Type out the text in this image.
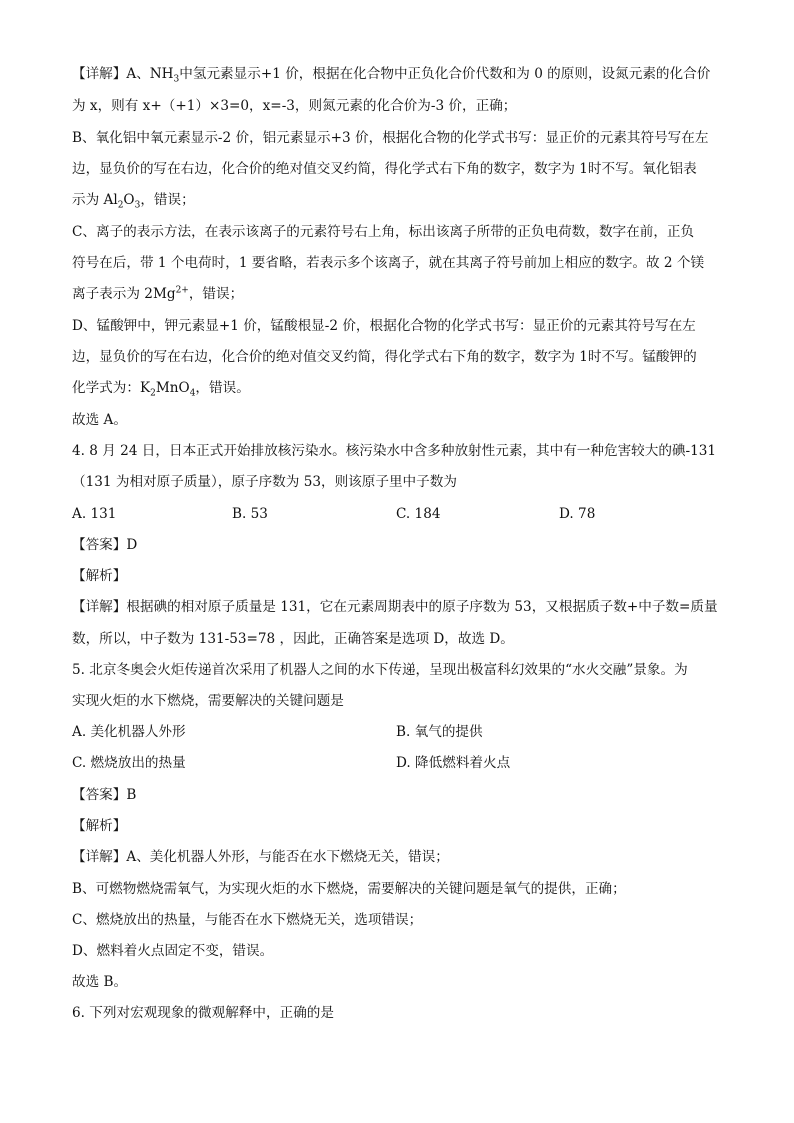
【详解】A、$NH_3$中氢元素显示+1 价，根据在化合物中正负化合价代数和为 0 的原则，设氮元素的化合价
为 x，则有 x+（+1）×3=0，x=-3，则氮元素的化合价为-3 价，正确；
B、氧化铝中氧元素显示-2 价，铝元素显示+3 价，根据化合物的化学式书写：显正价的元素其符号写在左
边，显负价的写在右边，化合价的绝对值交叉约简，得化学式右下角的数字，数字为 1时不写。氧化铝表
示为 $Al_2O_3$，错误；
C、离子的表示方法，在表示该离子的元素符号右上角，标出该离子所带的正负电荷数，数字在前，正负
符号在后，带 1 个电荷时，1 要省略，若表示多个该离子，就在其离子符号前加上相应的数字。故 2 个镁
离子表示为 $2Mg^{2+}$，错误；
D、锰酸钾中，钾元素显+1 价，锰酸根显-2 价，根据化合物的化学式书写：显正价的元素其符号写在左
边，显负价的写在右边，化合价的绝对值交叉约简，得化学式右下角的数字，数字为 1时不写。锰酸钾的
化学式为：$K_2MnO_4$，错误。
故选 A。
4. 8 月 24 日，日本正式开始排放核污染水。核污染水中含多种放射性元素，其中有一种危害较大的碘-131
（131 为相对原子质量），原子序数为 53，则该原子里中子数为
A. 131	B. 53	C. 184	D. 78
【答案】D
【解析】
【详解】根据碘的相对原子质量是 131，它在元素周期表中的原子序数为 53，又根据质子数+中子数=质量
数，所以，中子数为 131-53=78 ，因此，正确答案是选项 D，故选 D。
5. 北京冬奥会火炬传递首次采用了机器人之间的水下传递，呈现出极富科幻效果的“水火交融”景象。为
实现火炬的水下燃烧，需要解决的关键问题是
A. 美化机器人外形	B. 氧气的提供
C. 燃烧放出的热量	D. 降低燃料着火点
【答案】B
【解析】
【详解】A、美化机器人外形，与能否在水下燃烧无关，错误；
B、可燃物燃烧需氧气，为实现火炬的水下燃烧，需要解决的关键问题是氧气的提供，正确；
C、燃烧放出的热量，与能否在水下燃烧无关，选项错误；
D、燃料着火点固定不变，错误。
故选 B。
6. 下列对宏观现象的微观解释中，正确的是
